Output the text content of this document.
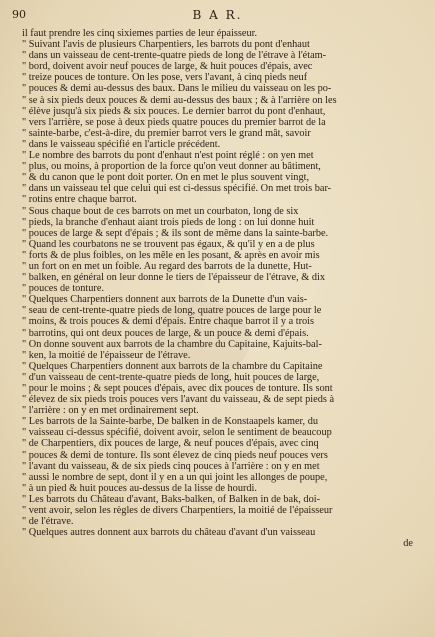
90	B A R.
il faut prendre les cinq sixiemes parties de leur épaisseur.
" Suivant l'avis de plusieurs Charpentiers, les barrots du pont d'enhaut
" dans un vaisseau de cent-trente-quatre pieds de long de l'étrave à l'étam-
" bord, doivent avoir neuf pouces de large, & huit pouces d'épais, avec
" treize pouces de tonture. On les pose, vers l'avant, à cinq pieds neuf
" pouces & demi au-dessus des baux. Dans le milieu du vaisseau on les po-
" se à six pieds deux pouces & demi au-dessus des baux ; & à l'arrière on les
" élève jusqu'à six pieds & six pouces. Le dernier barrot du pont d'enhaut,
" vers l'arrière, se pose à deux pieds quatre pouces du premier barrot de la
" sainte-barbe, c'est-à-dire, du premier barrot vers le grand mât, savoir
" dans le vaisseau spécifié en l'article précédent.
" Le nombre des barrots du pont d'enhaut n'est point réglé : on yen met
" plus, ou moins, à proportion de la force qu'on veut donner au bâtiment,
" & du canon que le pont doit porter. On en met le plus souvent vingt,
" dans un vaisseau tel que celui qui est ci-dessus spécifié. On met trois bar-
" rotins entre chaque barrot.
" Sous chaque bout de ces barrots on met un courbaton, long de six
" pieds, la branche d'enhaut aiant trois pieds de long : on lui donne huit
" pouces de large & sept d'épais ; & ils sont de même dans la sainte-barbe.
" Quand les courbatons ne se trouvent pas égaux, & qu'il y en a de plus
" forts & de plus foibles, on les mêle en les posant, & après en avoir mis
" un fort on en met un foible. Au regard des barrots de la dunette, Hut-
" balken, en général on leur donne le tiers de l'épaisseur de l'étrave, & dix
" pouces de tonture.
" Quelques Charpentiers donnent aux barrots de la Dunette d'un vais-
" seau de cent-trente-quatre pieds de long, quatre pouces de large pour le
" moins, & trois pouces & demi d'épais. Entre chaque barrot il y a trois
" barrotins, qui ont deux pouces de large, & un pouce & demi d'épais.
" On donne souvent aux barrots de la chambre du Capitaine, Kajuits-bal-
" ken, la moitié de l'épaisseur de l'étrave.
" Quelques Charpentiers donnent aux barrots de la chambre du Capitaine
" d'un vaisseau de cent-trente-quatre pieds de long, huit pouces de large,
" pour le moins ; & sept pouces d'épais, avec dix pouces de tonture. Ils sont
" élevez de six pieds trois pouces vers l'avant du vaisseau, & de sept pieds à
" l'arrière : on y en met ordinairement sept.
" Les barrots de la Sainte-barbe, De balken in de Konstaapels kamer, du
" vaisseau ci-dessus spécifié, doivent avoir, selon le sentiment de beaucoup
" de Charpentiers, dix pouces de large, & neuf pouces d'épais, avec cinq
" pouces & demi de tonture. Ils sont élevez de cinq pieds neuf pouces vers
" l'avant du vaisseau, & de six pieds cinq pouces à l'arrière : on y en met
" aussi le nombre de sept, dont il y en a un qui joint les allonges de poupe,
" à un pied & huit pouces au-dessus de la lisse de hourdi.
" Les barrots du Château d'avant, Baks-balken, of Balken in de bak, doi-
" vent avoir, selon les règles de divers Charpentiers, la moitié de l'épaisseur
" de l'étrave.
" Quelques autres donnent aux barrots du château d'avant d'un vaisseau
de
